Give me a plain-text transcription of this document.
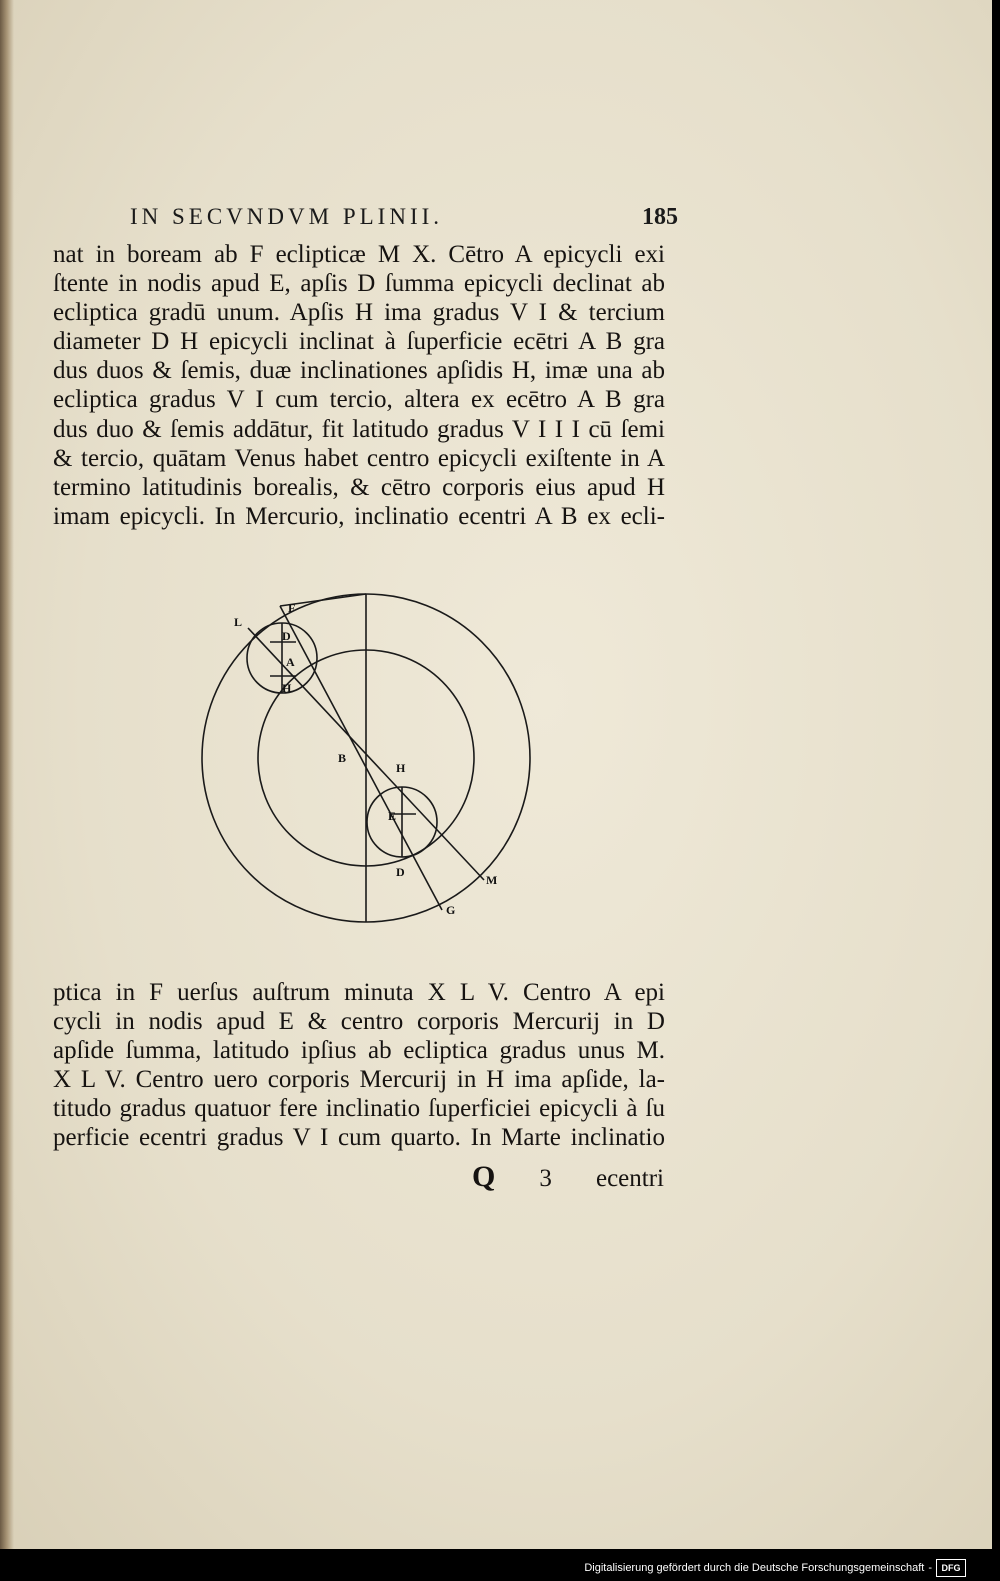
IN SECVNDVM PLINII.	185
nat in boream ab F eclipticæ M X. Cētro A epicycli exi
ſtente in nodis apud E, apſis D ſumma epicycli declinat ab
ecliptica gradū unum. Apſis H ima gradus V I & tercium
diameter D H epicycli inclinat à ſuperficie ecētri A B gra
dus duos & ſemis, duæ inclinationes apſidis H, imæ una ab
ecliptica gradus V I cum tercio, altera ex ecētro A B gra
dus duo & ſemis addātur, fit latitudo gradus V I I I cū ſemi
& tercio, quātam Venus habet centro epicycli exiſtente in A
termino latitudinis borealis, & cētro corporis eius apud H
imam epicycli. In Mercurio, inclinatio ecentri A B ex ecli-
L
F
D
A
H
B
H
E
D
M
G
ptica in F uerſus auſtrum minuta X L V. Centro A epi
cycli in nodis apud E & centro corporis Mercurij in D
apſide ſumma, latitudo ipſius ab ecliptica gradus unus M.
X L V. Centro uero corporis Mercurij in H ima apſide, la-
titudo gradus quatuor fere inclinatio ſuperficiei epicycli à ſu
perficie ecentri gradus V I cum quarto. In Marte inclinatio
Q 3 ecentri
Digitalisierung gefördert durch die Deutsche Forschungsgemeinschaft -	DFG
